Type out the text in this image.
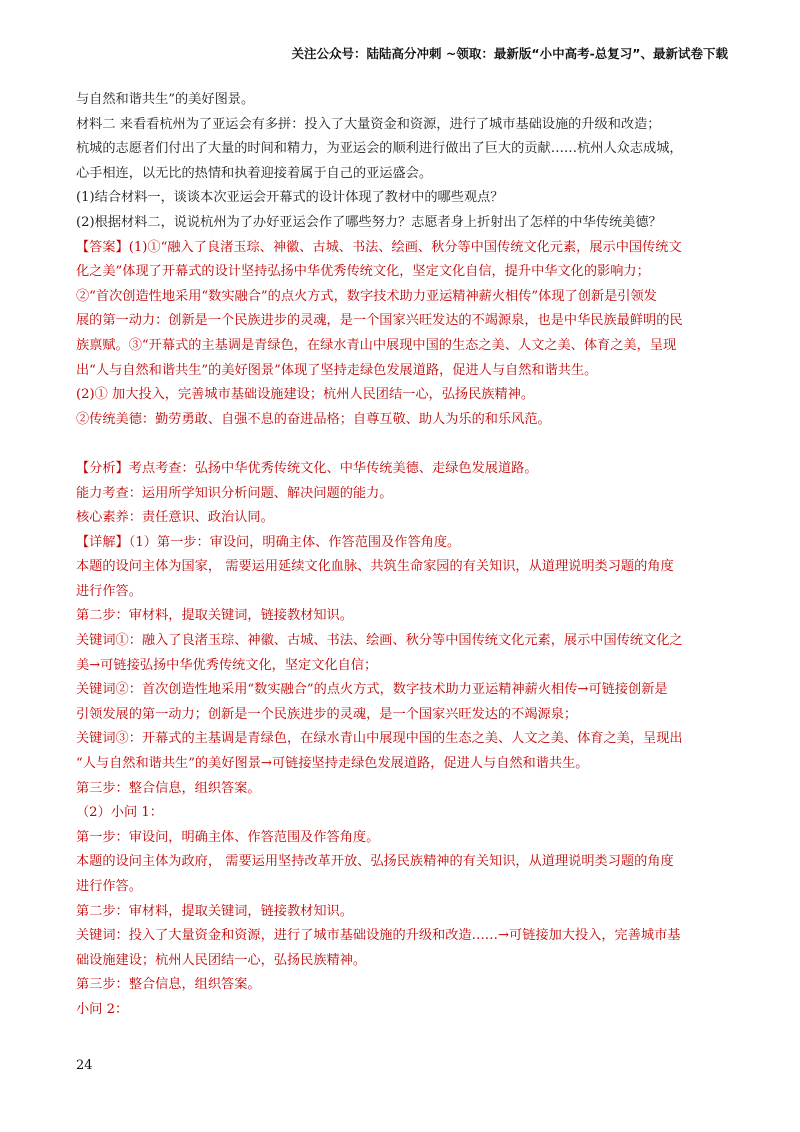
关注公众号：陆陆高分冲刺 ~领取：最新版“小中高考-总复习”、最新试卷下载
与自然和谐共生”的美好图景。
材料二 来看看杭州为了亚运会有多拼：投入了大量资金和资源，进行了城市基础设施的升级和改造；
杭城的志愿者们付出了大量的时间和精力，为亚运会的顺利进行做出了巨大的贡献……杭州人众志成城，
心手相连，以无比的热情和执着迎接着属于自己的亚运盛会。
(1)结合材料一，谈谈本次亚运会开幕式的设计体现了教材中的哪些观点？
(2)根据材料二，说说杭州为了办好亚运会作了哪些努力？志愿者身上折射出了怎样的中华传统美德？
【答案】(1)①“融入了良渚玉琮、神徽、古城、书法、绘画、秋分等中国传统文化元素，展示中国传统文
化之美”体现了开幕式的设计坚持弘扬中华优秀传统文化，坚定文化自信，提升中华文化的影响力；
②“首次创造性地采用“数实融合”的点火方式，数字技术助力亚运精神薪火相传”体现了创新是引领发
展的第一动力：创新是一个民族进步的灵魂，是一个国家兴旺发达的不竭源泉，也是中华民族最鲜明的民
族禀赋。③“开幕式的主基调是青绿色，在绿水青山中展现中国的生态之美、人文之美、体育之美，呈现
出“人与自然和谐共生”的美好图景”体现了坚持走绿色发展道路，促进人与自然和谐共生。
(2)① 加大投入，完善城市基础设施建设；杭州人民团结一心，弘扬民族精神。
②传统美德：勤劳勇敢、自强不息的奋进品格；自尊互敬、助人为乐的和乐风范。
【分析】考点考查：弘扬中华优秀传统文化、中华传统美德、走绿色发展道路。
能力考查：运用所学知识分析问题、解决问题的能力。
核心素养：责任意识、政治认同。
【详解】（1）第一步：审设问，明确主体、作答范围及作答角度。
本题的设问主体为国家， 需要运用延续文化血脉、共筑生命家园的有关知识，从道理说明类习题的角度
进行作答。
第二步：审材料，提取关键词，链接教材知识。
关键词①：融入了良渚玉琮、神徽、古城、书法、绘画、秋分等中国传统文化元素，展示中国传统文化之
美→可链接弘扬中华优秀传统文化，坚定文化自信；
关键词②：首次创造性地采用“数实融合”的点火方式，数字技术助力亚运精神薪火相传→可链接创新是
引领发展的第一动力；创新是一个民族进步的灵魂，是一个国家兴旺发达的不竭源泉；
关键词③：开幕式的主基调是青绿色，在绿水青山中展现中国的生态之美、人文之美、体育之美，呈现出
“人与自然和谐共生”的美好图景→可链接坚持走绿色发展道路，促进人与自然和谐共生。
第三步：整合信息，组织答案。
（2）小问 1：
第一步：审设问，明确主体、作答范围及作答角度。
本题的设问主体为政府， 需要运用坚持改革开放、弘扬民族精神的有关知识，从道理说明类习题的角度
进行作答。
第二步：审材料，提取关键词，链接教材知识。
关键词：投入了大量资金和资源，进行了城市基础设施的升级和改造……→可链接加大投入，完善城市基
础设施建设；杭州人民团结一心，弘扬民族精神。
第三步：整合信息，组织答案。
小问 2：
24
